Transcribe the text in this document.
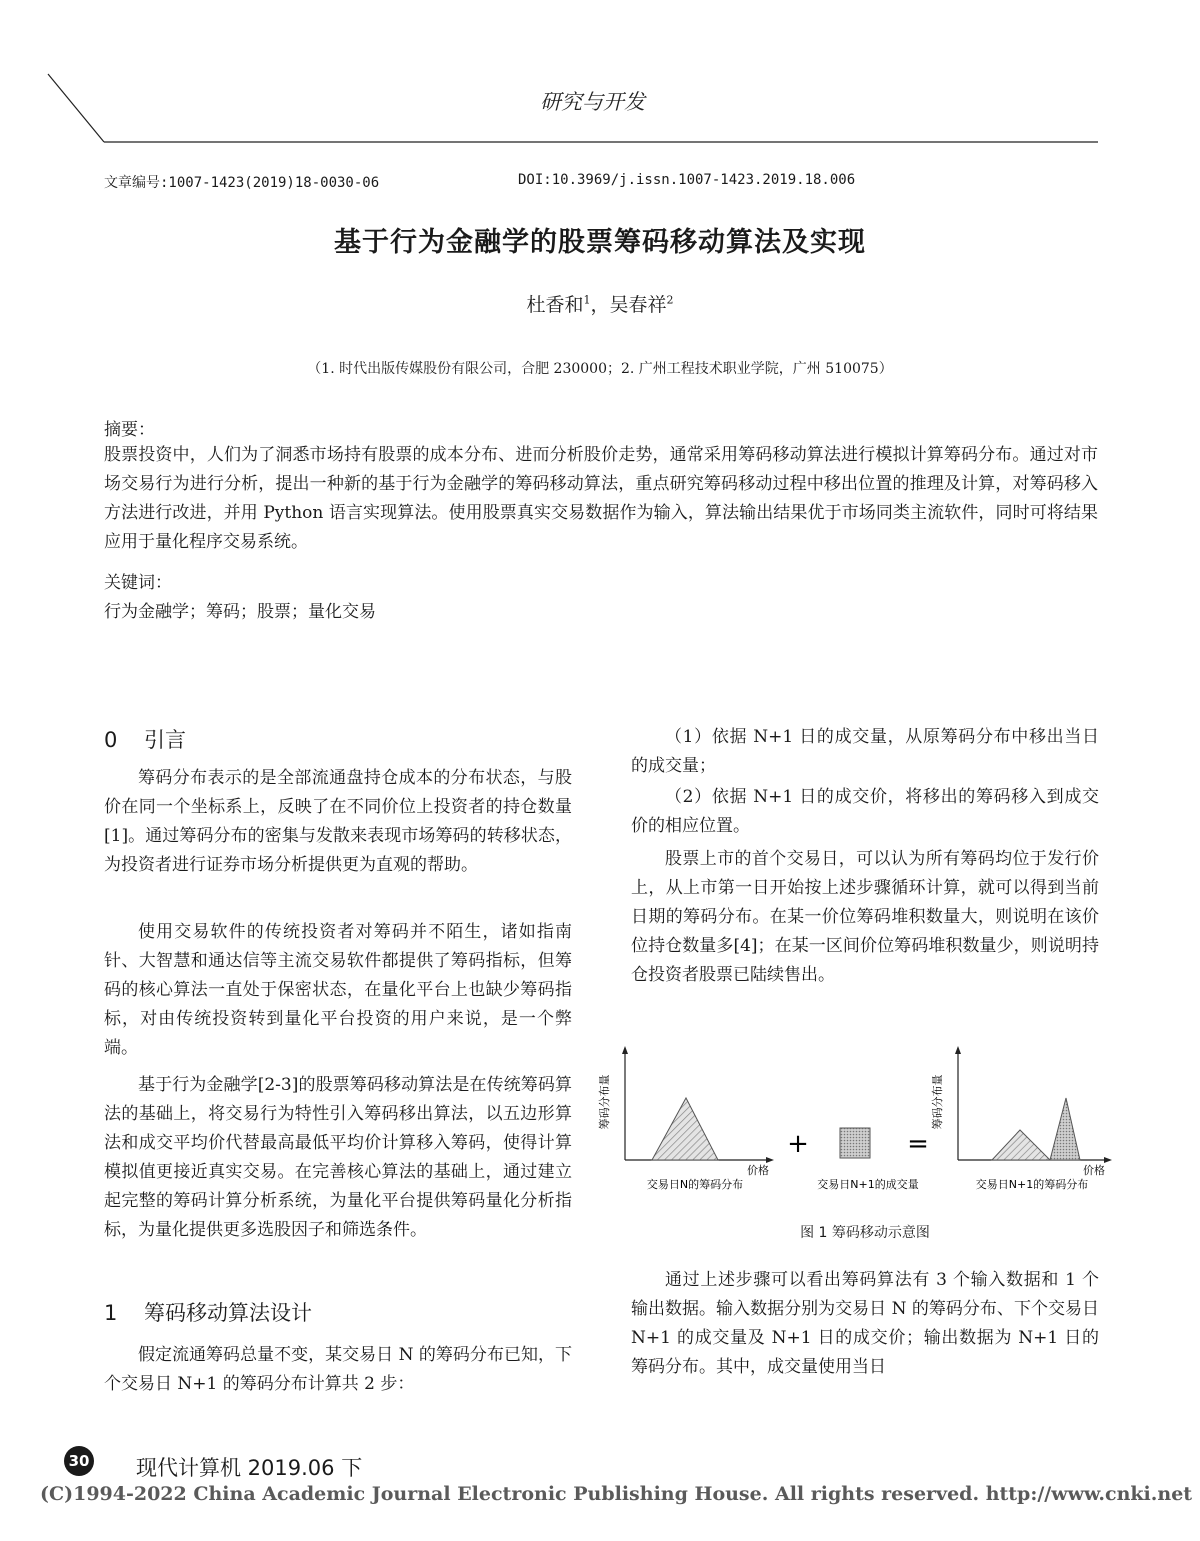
研究与开发
文章编号:1007-1423(2019)18-0030-06	DOI:10.3969/j.issn.1007-1423.2019.18.006
基于行为金融学的股票筹码移动算法及实现
杜香和$^1$，吴春祥$^2$
（1. 时代出版传媒股份有限公司，合肥 230000；2. 广州工程技术职业学院，广州 510075）
摘要：
股票投资中，人们为了洞悉市场持有股票的成本分布、进而分析股价走势，通常采用筹码移动算法进行模拟计算筹码分布。通过对市场交易行为进行分析，提出一种新的基于行为金融学的筹码移动算法，重点研究筹码移动过程中移出位置的推理及计算，对筹码移入方法进行改进，并用 Python 语言实现算法。使用股票真实交易数据作为输入，算法输出结果优于市场同类主流软件，同时可将结果应用于量化程序交易系统。
关键词：
行为金融学；筹码；股票；量化交易
0 引言
筹码分布表示的是全部流通盘持仓成本的分布状态，与股价在同一个坐标系上，反映了在不同价位上投资者的持仓数量[1]。通过筹码分布的密集与发散来表现市场筹码的转移状态，为投资者进行证券市场分析提供更为直观的帮助。
使用交易软件的传统投资者对筹码并不陌生，诸如指南针、大智慧和通达信等主流交易软件都提供了筹码指标，但筹码的核心算法一直处于保密状态，在量化平台上也缺少筹码指标，对由传统投资转到量化平台投资的用户来说，是一个弊端。
基于行为金融学[2-3]的股票筹码移动算法是在传统筹码算法的基础上，将交易行为特性引入筹码移出算法，以五边形算法和成交平均价代替最高最低平均价计算移入筹码，使得计算模拟值更接近真实交易。在完善核心算法的基础上，通过建立起完整的筹码计算分析系统，为量化平台提供筹码量化分析指标，为量化提供更多选股因子和筛选条件。
1 筹码移动算法设计
假定流通筹码总量不变，某交易日 N 的筹码分布已知，下个交易日 N+1 的筹码分布计算共 2 步：
（1）依据 N+1 日的成交量，从原筹码分布中移出当日的成交量；
（2）依据 N+1 日的成交价，将移出的筹码移入到成交价的相应位置。
股票上市的首个交易日，可以认为所有筹码均位于发行价上，从上市第一日开始按上述步骤循环计算，就可以得到当前日期的筹码分布。在某一价位筹码堆积数量大，则说明在该价位持仓数量多[4]；在某一区间价位筹码堆积数量少，则说明持仓投资者股票已陆续售出。
筹码分布量
价格
交易日N的筹码分布
+
交易日N+1的成交量
=
筹码分布量
价格
交易日N+1的筹码分布
图 1 筹码移动示意图
通过上述步骤可以看出筹码算法有 3 个输入数据和 1 个输出数据。输入数据分别为交易日 N 的筹码分布、下个交易日 N+1 的成交量及 N+1 日的成交价；输出数据为 N+1 日的筹码分布。其中，成交量使用当日
30 现代计算机 2019.06 下
(C)1994-2022 China Academic Journal Electronic Publishing House. All rights reserved. http://www.cnki.net
